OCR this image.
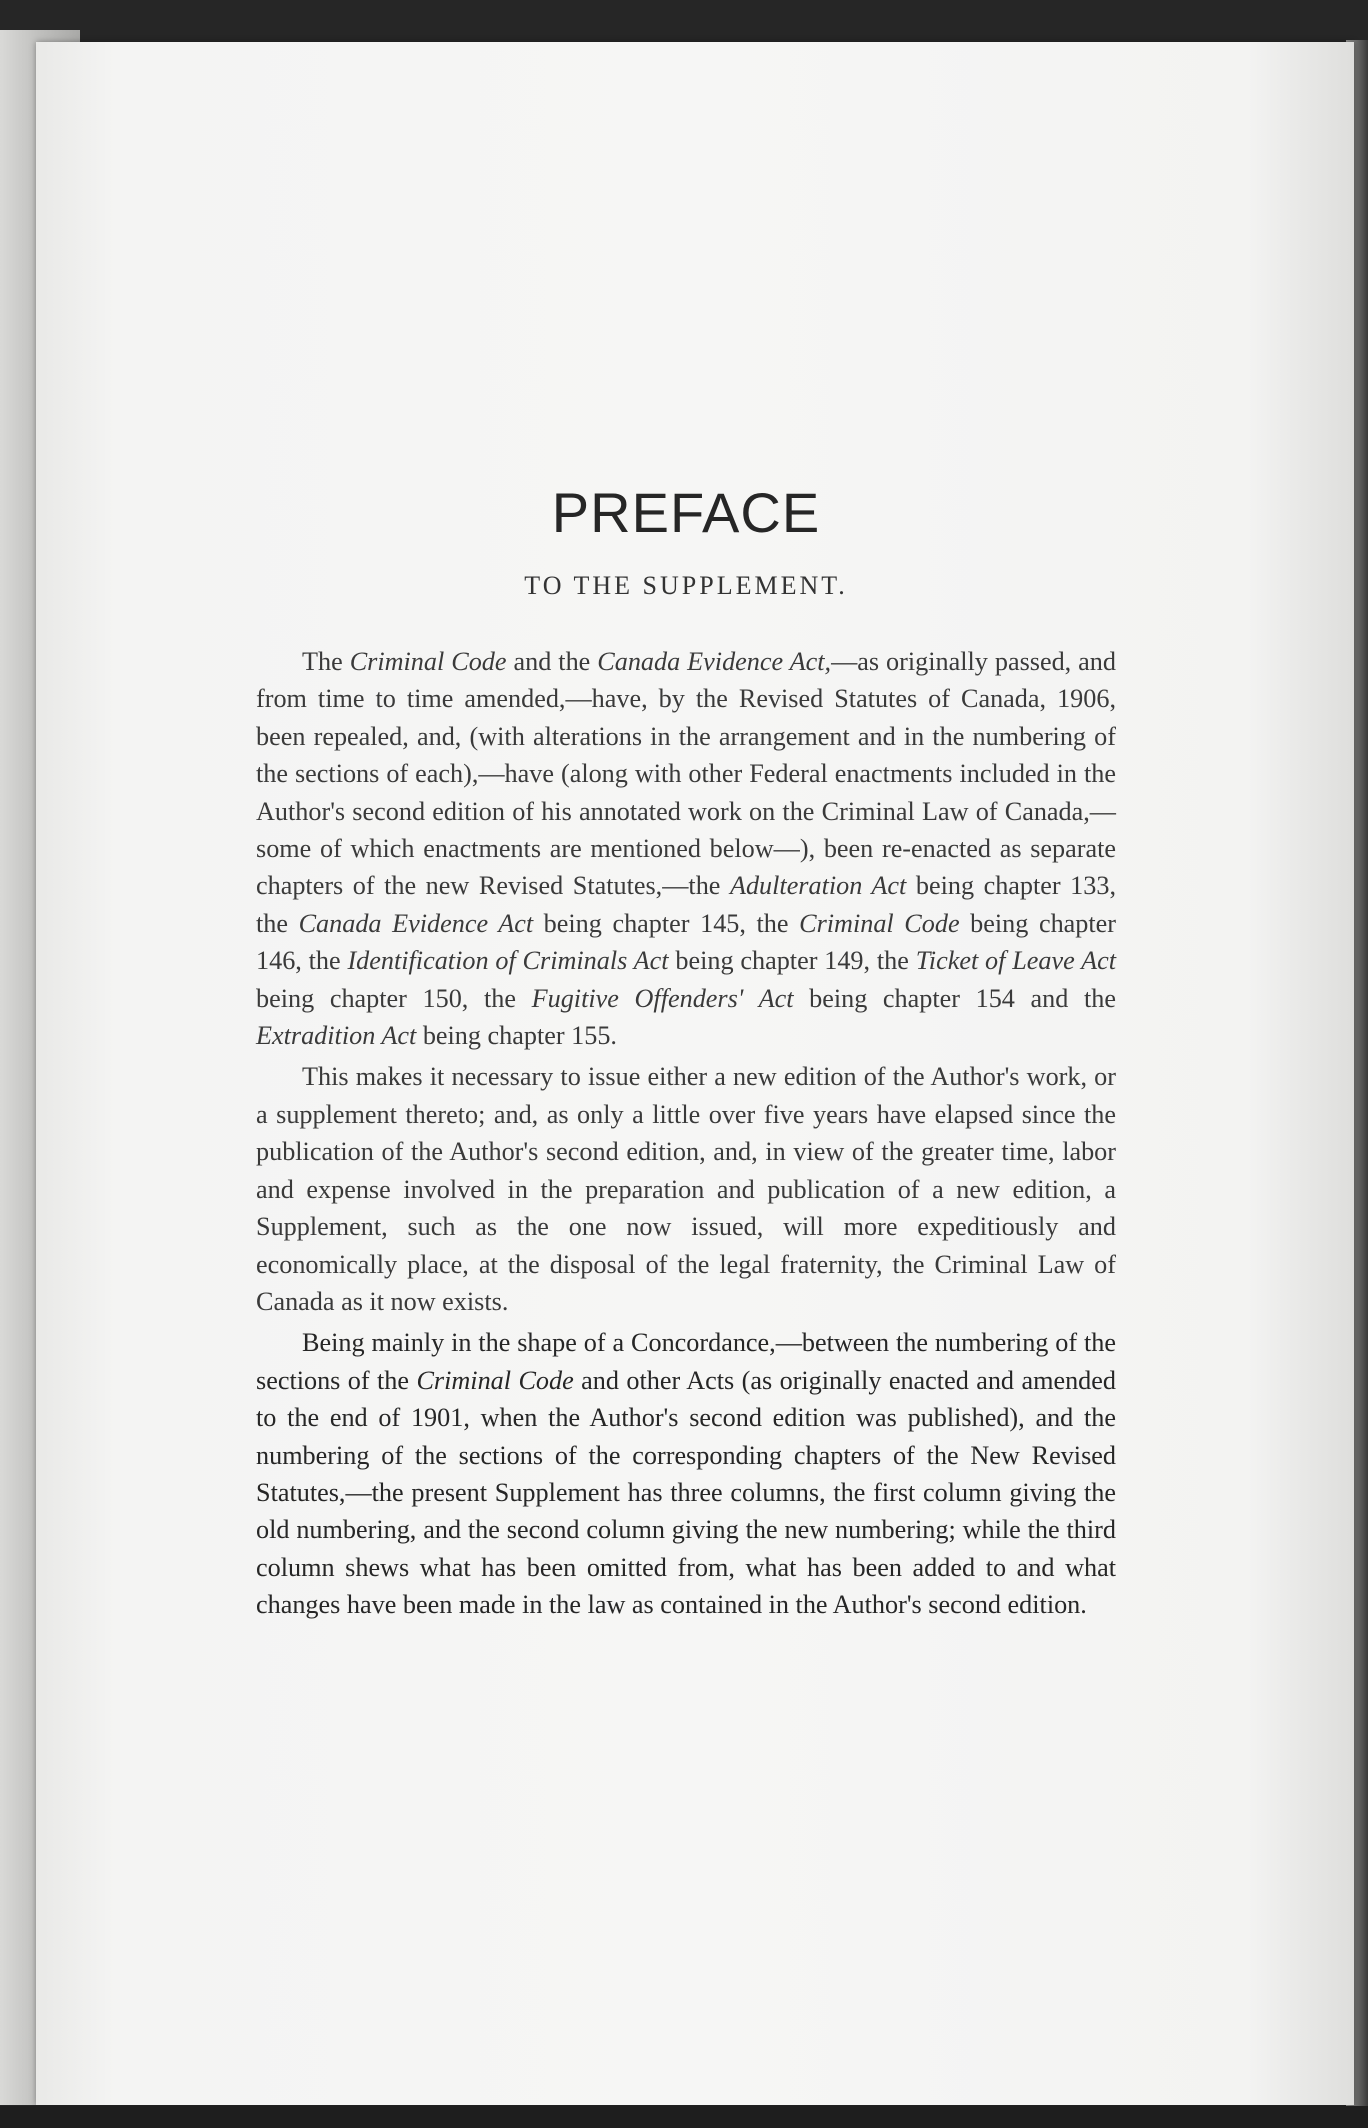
PREFACE
TO THE SUPPLEMENT.

The Criminal Code and the Canada Evidence Act,—as originally passed, and from time to time amended,—have, by the Revised Statutes of Canada, 1906, been repealed, and, (with alterations in the arrangement and in the numbering of the sections of each),—have (along with other Federal enactments included in the Author's second edition of his annotated work on the Criminal Law of Canada,—some of which enactments are mentioned below—), been re-enacted as separate chapters of the new Revised Statutes,—the Adulteration Act being chapter 133, the Canada Evidence Act being chapter 145, the Criminal Code being chapter 146, the Identification of Criminals Act being chapter 149, the Ticket of Leave Act being chapter 150, the Fugitive Offenders' Act being chapter 154 and the Extradition Act being chapter 155.

This makes it necessary to issue either a new edition of the Author's work, or a supplement thereto; and, as only a little over five years have elapsed since the publication of the Author's second edition, and, in view of the greater time, labor and expense involved in the preparation and publication of a new edition, a Supplement, such as the one now issued, will more expeditiously and economically place, at the disposal of the legal fraternity, the Criminal Law of Canada as it now exists.

Being mainly in the shape of a Concordance,—between the numbering of the sections of the Criminal Code and other Acts (as originally enacted and amended to the end of 1901, when the Author's second edition was published), and the numbering of the sections of the corresponding chapters of the New Revised Statutes,—the present Supplement has three columns, the first column giving the old numbering, and the second column giving the new numbering; while the third column shews what has been omitted from, what has been added to and what changes have been made in the law as contained in the Author's second edition.
